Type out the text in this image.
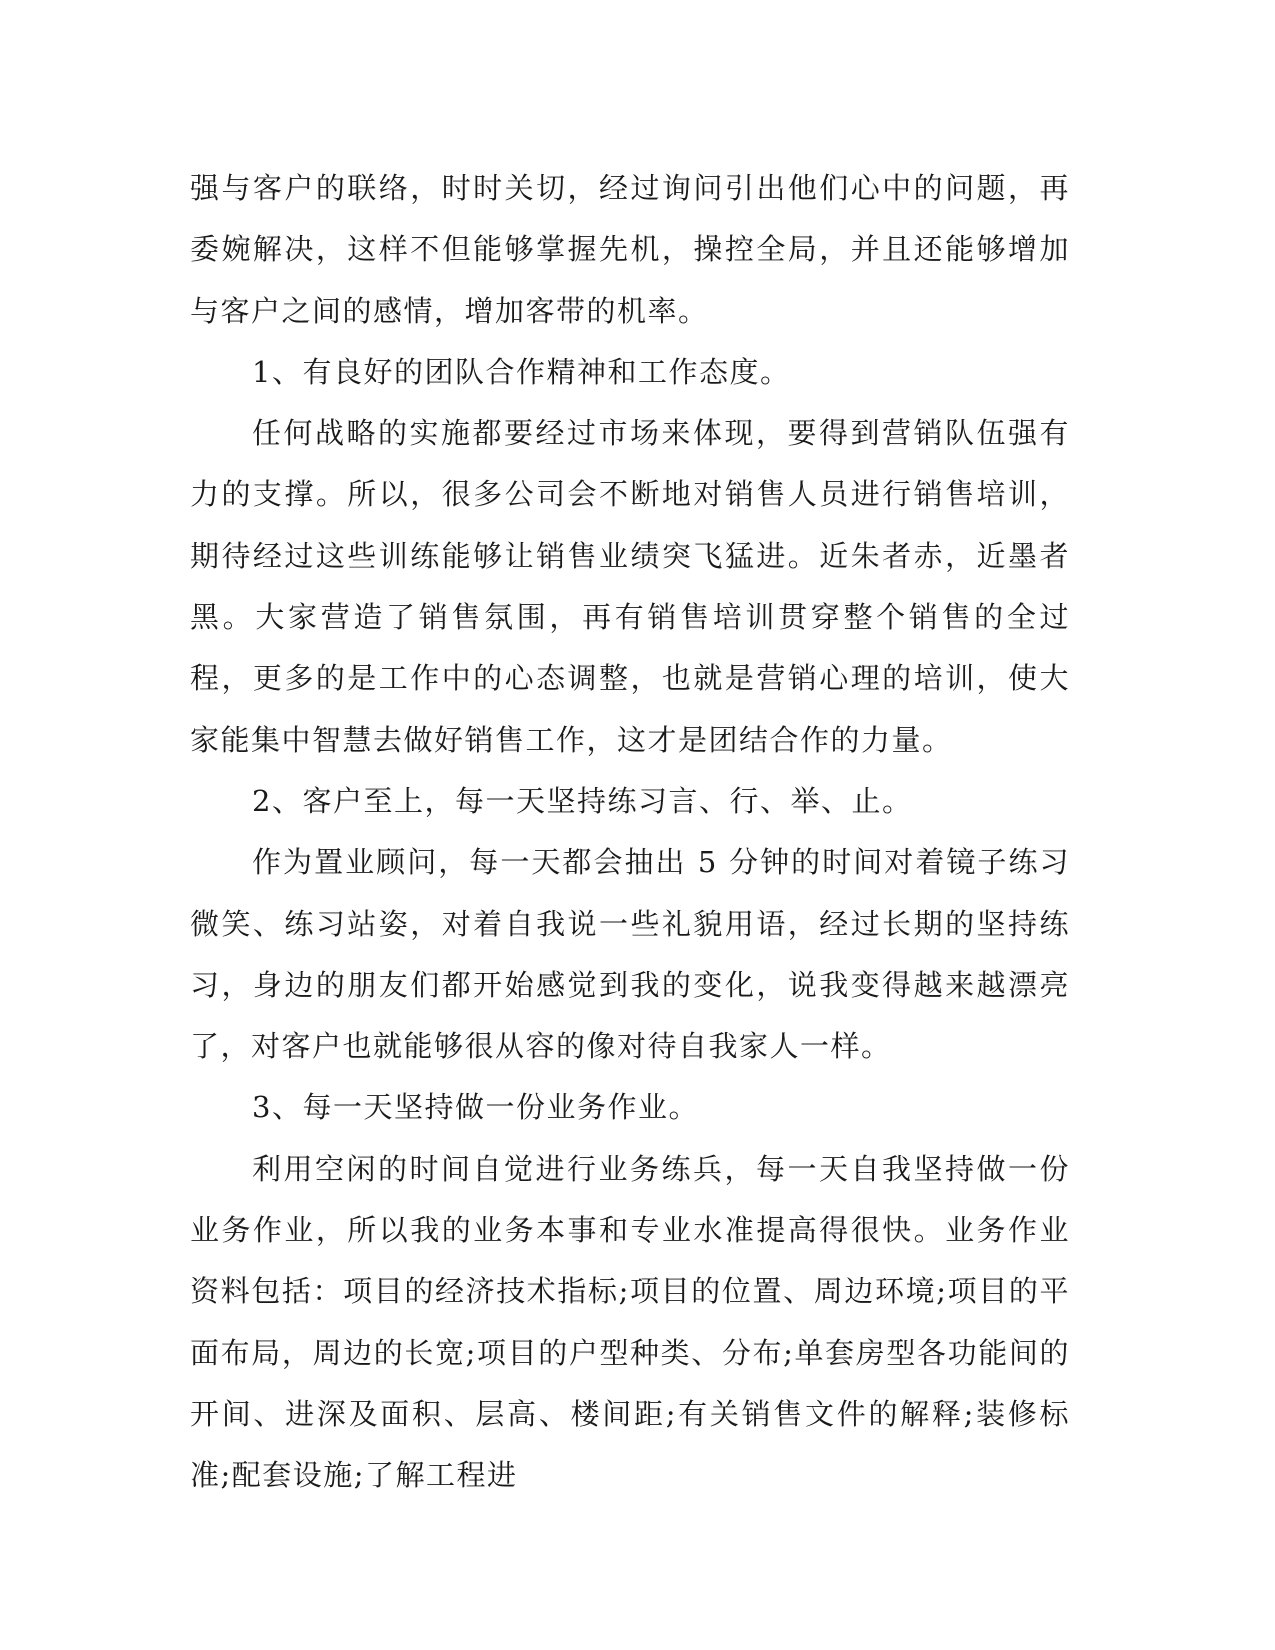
强与客户的联络，时时关切，经过询问引出他们心中的问题，再委婉解决，这样不但能够掌握先机，操控全局，并且还能够增加与客户之间的感情，增加客带的机率。

1、有良好的团队合作精神和工作态度。

任何战略的实施都要经过市场来体现，要得到营销队伍强有力的支撑。所以，很多公司会不断地对销售人员进行销售培训，期待经过这些训练能够让销售业绩突飞猛进。近朱者赤，近墨者黑。大家营造了销售氛围，再有销售培训贯穿整个销售的全过程，更多的是工作中的心态调整，也就是营销心理的培训，使大家能集中智慧去做好销售工作，这才是团结合作的力量。

2、客户至上，每一天坚持练习言、行、举、止。

作为置业顾问，每一天都会抽出 5 分钟的时间对着镜子练习微笑、练习站姿，对着自我说一些礼貌用语，经过长期的坚持练习，身边的朋友们都开始感觉到我的变化，说我变得越来越漂亮了，对客户也就能够很从容的像对待自我家人一样。

3、每一天坚持做一份业务作业。

利用空闲的时间自觉进行业务练兵，每一天自我坚持做一份业务作业，所以我的业务本事和专业水准提高得很快。业务作业资料包括：项目的经济技术指标;项目的位置、周边环境;项目的平面布局，周边的长宽;项目的户型种类、分布;单套房型各功能间的开间、进深及面积、层高、楼间距;有关销售文件的解释;装修标准;配套设施;了解工程进
